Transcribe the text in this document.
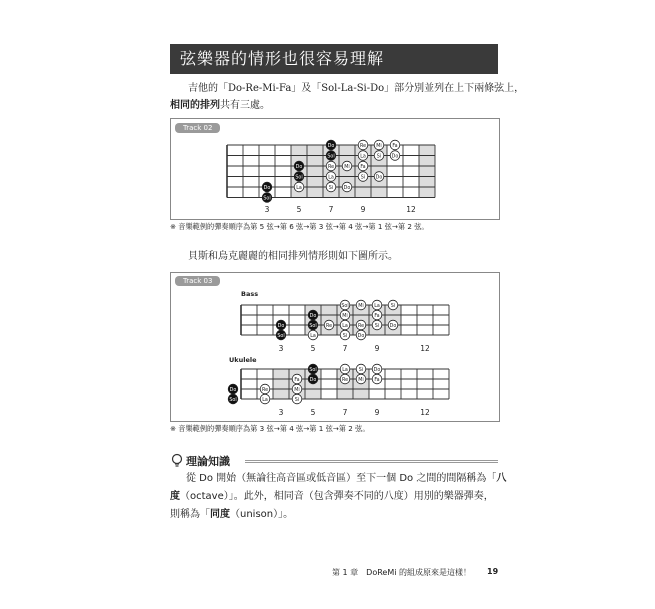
弦樂器的情形也很容易理解
吉他的「Do-Re-Mi-Fa」及「Sol-La-Si-Do」部分別並列在上下兩條弦上，
相同的排列共有三處。
Track 02
Sol
Do	La
Sol
Do
Si
La
Re
Sol
Do
Do
Mi
Si
Fa
La
Re
Do
Si
Mi
Do
Fa
3	5	7	9	12
※ 音樂範例的彈奏順序為第 5 弦→第 6 弦→第 3 弦→第 4 弦→第 1 弦→第 2 弦。
貝斯和烏克麗麗的相同排列情形則如下圖所示。
Track 03
Bass
Sol
Do
La
Sol
Do
Re
Si
La
Mi
Sol
Do
Re
Mi
Si
Fa
La
Do
Si
3	5	7	9	12
Ukulele
Sol
Do	Re
La
Mi
Si
Fa Do
Sol	La
Re
Si
Mi
Do
Fa
3	5	7	9	12
※ 音樂範例的彈奏順序為第 3 弦→第 4 弦→第 1 弦→第 2 弦。
理論知識
從 Do 開始（無論往高音區或低音區）至下一個 Do 之間的間隔稱為「八
度（octave）」。此外，相同音（包含彈奏不同的八度）用別的樂器彈奏，
則稱為「同度（unison）」。
第 1 章　DoReMi 的組成原來是這樣！ 19
